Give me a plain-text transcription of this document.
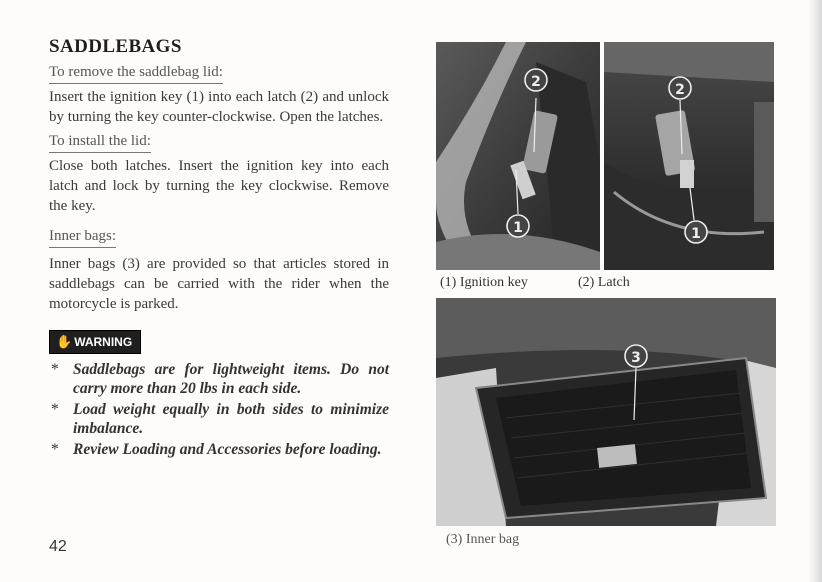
SADDLEBAGS
To remove the saddlebag lid:
Insert the ignition key (1) into each latch (2) and unlock by turning the key counter-clockwise. Open the latches.
To install the lid:
Close both latches. Insert the ignition key into each latch and lock by turning the key clockwise. Remove the key.
Inner bags:
Inner bags (3) are provided so that articles stored in saddlebags can be carried with the rider when the motorcycle is parked.
✋ WARNING
* Saddlebags are for lightweight items. Do not carry more than 20 lbs in each side.
* Load weight equally in both sides to minimize imbalance.
* Review Loading and Accessories before loading.
42
2
1
2
1
(1) Ignition key	(2) Latch
3
(3) Inner bag
